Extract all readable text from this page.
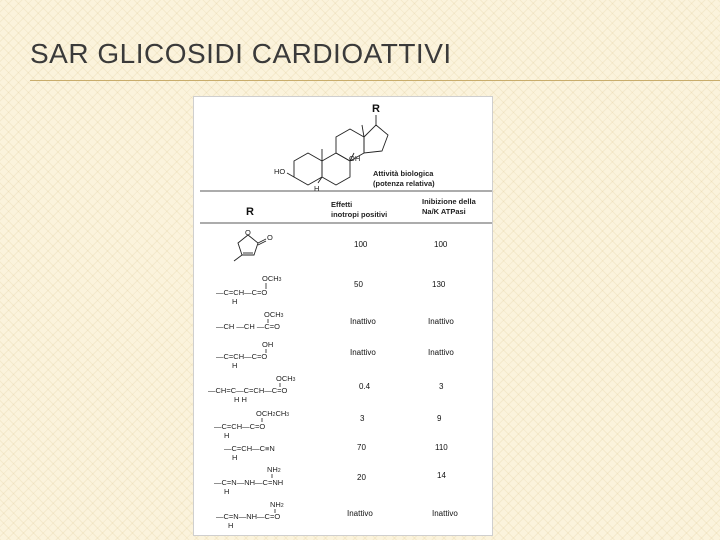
SAR GLICOSIDI CARDIOATTIVI
R
OH
HO
H
Attività biologica
(potenza relativa)
R
Effetti
inotropi positivi
Inibizione della
Na/K ATPasi
O
O
100	100
OCH3
—C=CH—C=O
H
50	130
OCH3
—CH —CH —C=O
Inattivo	Inattivo
OH
—C=CH—C=O
H
Inattivo	Inattivo
OCH3
—CH=C—C=CH—C=O
H H
0.4	3
OCH2CH3
—C=CH—C=O
H
3	9
—C=CH—C≡N
H
70	110
NH2
—C=N—NH—C=NH
H
20	14
NH2
—C=N—NH—C=O
H
Inattivo	Inattivo
